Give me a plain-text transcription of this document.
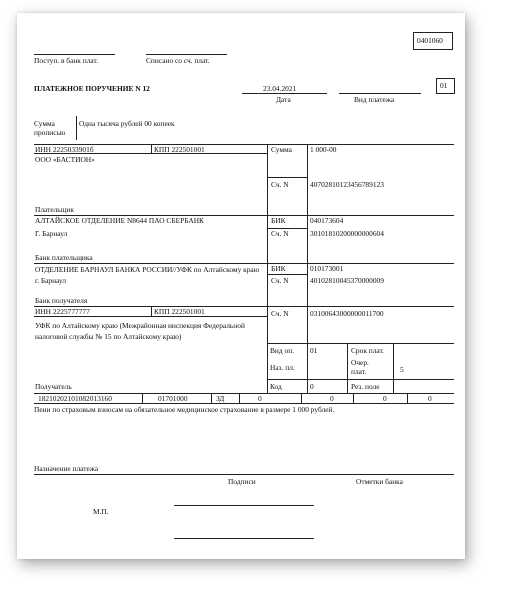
0401060
Поступ. в банк плат.	Списано со сч. плат.
ПЛАТЕЖНОЕ ПОРУЧЕНИЕ N 12	23.04.2021
Дата	Вид платежа
01
Сумма прописью
Одна тысяча рублей 00 копеек
ИНН 2225033901б	КПП 222501001
ООО «БАСТИОН»
Плательщик
Сумма 1 000-00
Сч. N	40702810123456789123
АЛТАЙСКОЕ ОТДЕЛЕНИЕ N8644 ПАО СБЕРБАНК
Г. Барнаул
Банк плательщика
БИК	040173604
Сч. N	30101810200000000604
ОТДЕЛЕНИЕ БАРНАУЛ БАНКА РОССИИ//УФК по Алтайскому краю г. Барнаул
Банк получателя
БИК	010173001
Сч. N	40102810045370000009
ИНН 2225777777	КПП 222501001	Сч. N	03100643000000011700
УФК по Алтайскому краю (Межрайонная инспекция Федеральной налоговой службы № 15 по Алтайскому краю)
Получатель
Вид оп. 01
Наз. пл.
Код	0
Срок плат.
Очер. плат.	5
Рез. поле
18210202101082013160	01701000	ЗД	0	0	0	0
Пени по страховым взносам на обязательное медицинское страхование в размере 1 000 рублей.
Назначение платежа
Подписи	Отметки банка
М.П.
